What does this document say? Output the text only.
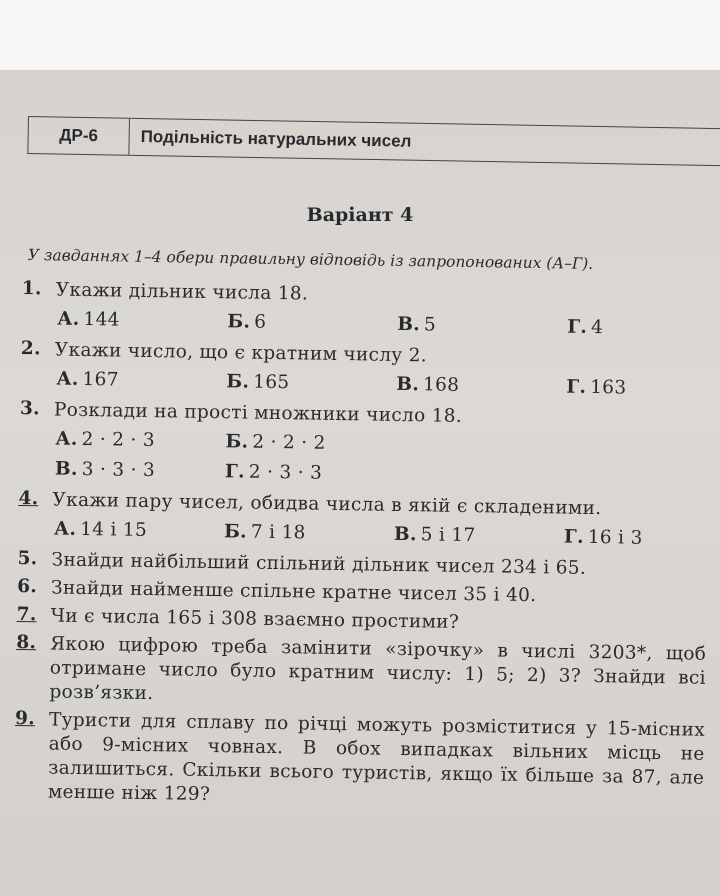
ДР-6	Подільність натуральних чисел
Варіант 4
У завданнях 1–4 обери правильну відповідь із запропонованих (А–Г).
1. Укажи дільник числа 18.
А. 144	Б. 6	В. 5	Г. 4
2. Укажи число, що є кратним числу 2.
А. 167	Б. 165	В. 168	Г. 163
3. Розклади на прості множники число 18.
А. 2 · 2 · 3	Б. 2 · 2 · 2
В. 3 · 3 · 3	Г. 2 · 3 · 3
4. Укажи пару чисел, обидва числа в якій є складеними.
А. 14 і 15	Б. 7 і 18	В. 5 і 17	Г. 16 і 3
5. Знайди найбільший спільний дільник чисел 234 і 65.
6. Знайди найменше спільне кратне чисел 35 і 40.
7. Чи є числа 165 і 308 взаємно простими?
8. Якою цифрою треба замінити «зірочку» в числі 3203*, щоб отримане число було кратним числу: 1) 5; 2) 3? Знайди всі розв’язки.
9. Туристи для сплаву по річці можуть розміститися у 15-місних або 9-місних човнах. В обох випадках вільних місць не залишиться. Скільки всього туристів, якщо їх більше за 87, але менше ніж 129?
